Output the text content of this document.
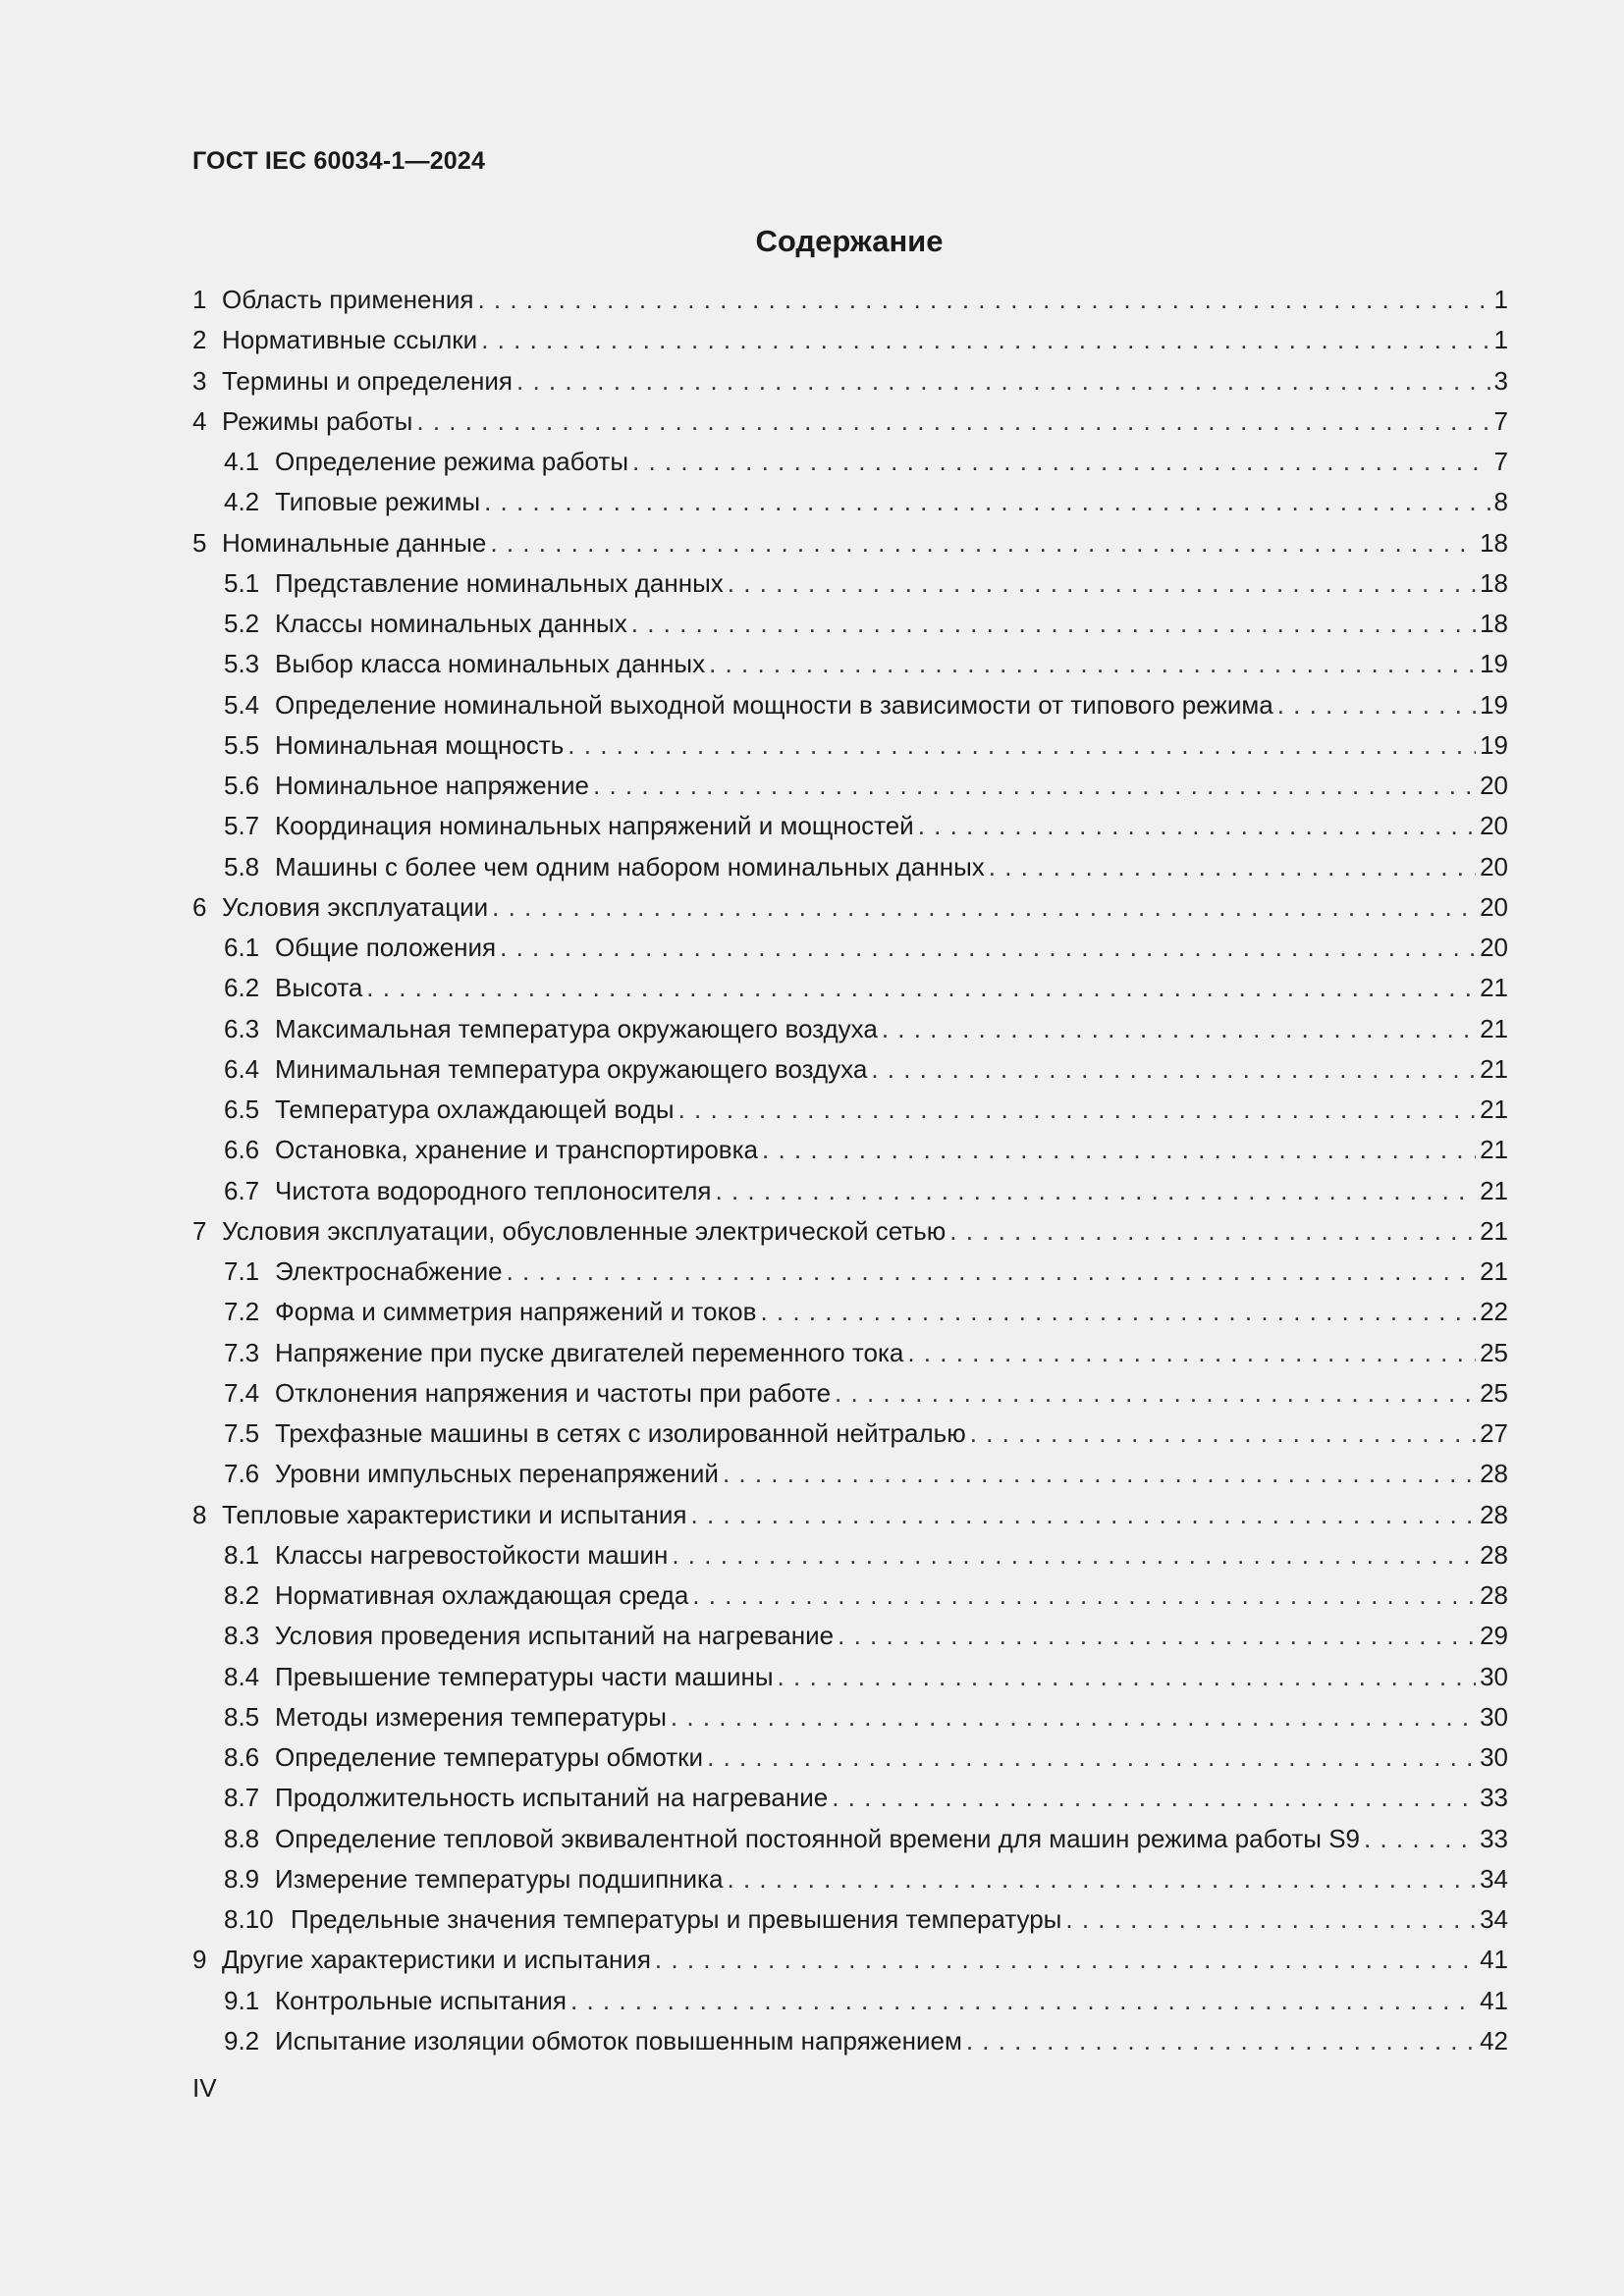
ГОСТ IEC 60034-1—2024
Содержание
1 Область применения . . .	1
2 Нормативные ссылки . . .	1
3 Термины и определения . . .	3
4 Режимы работы . . .	7
4.1 Определение режима работы . . .	7
4.2 Типовые режимы . . .	8
5 Номинальные данные . . .	18
5.1 Представление номинальных данных . . .	18
5.2 Классы номинальных данных . . .	18
5.3 Выбор класса номинальных данных . . .	19
5.4 Определение номинальной выходной мощности в зависимости от типового режима . . .	19
5.5 Номинальная мощность . . .	19
5.6 Номинальное напряжение . . .	20
5.7 Координация номинальных напряжений и мощностей . . .	20
5.8 Машины с более чем одним набором номинальных данных . . .	20
6 Условия эксплуатации . . .	20
6.1 Общие положения . . .	20
6.2 Высота . . .	21
6.3 Максимальная температура окружающего воздуха . . .	21
6.4 Минимальная температура окружающего воздуха . . .	21
6.5 Температура охлаждающей воды . . .	21
6.6 Остановка, хранение и транспортировка . . .	21
6.7 Чистота водородного теплоносителя . . .	21
7 Условия эксплуатации, обусловленные электрической сетью . . .	21
7.1 Электроснабжение . . .	21
7.2 Форма и симметрия напряжений и токов . . .	22
7.3 Напряжение при пуске двигателей переменного тока . . .	25
7.4 Отклонения напряжения и частоты при работе . . .	25
7.5 Трехфазные машины в сетях с изолированной нейтралью . . .	27
7.6 Уровни импульсных перенапряжений . . .	28
8 Тепловые характеристики и испытания . . .	28
8.1 Классы нагревостойкости машин . . .	28
8.2 Нормативная охлаждающая среда . . .	28
8.3 Условия проведения испытаний на нагревание . . .	29
8.4 Превышение температуры части машины . . .	30
8.5 Методы измерения температуры . . .	30
8.6 Определение температуры обмотки . . .	30
8.7 Продолжительность испытаний на нагревание . . .	33
8.8 Определение тепловой эквивалентной постоянной времени для машин режима работы S9 . . .	33
8.9 Измерение температуры подшипника . . .	34
8.10 Предельные значения температуры и превышения температуры . . .	34
9 Другие характеристики и испытания . . .	41
9.1 Контрольные испытания . . .	41
9.2 Испытание изоляции обмоток повышенным напряжением . . .	42
IV
